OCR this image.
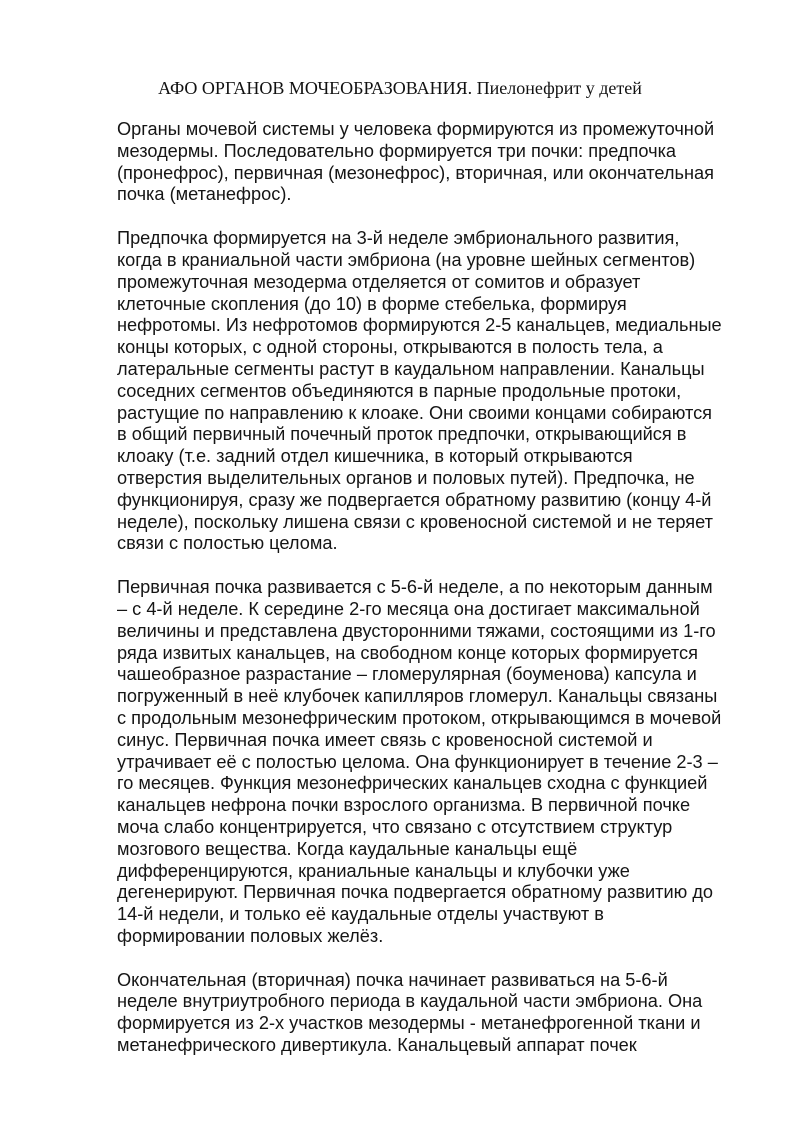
АФО ОРГАНОВ МОЧЕОБРАЗОВАНИЯ. Пиелонефрит у детей

Органы мочевой системы у человека формируются из промежуточной
мезодермы. Последовательно формируется три почки: предпочка
(пронефрос), первичная (мезонефрос), вторичная, или окончательная
почка (метанефрос).

Предпочка формируется на 3-й неделе эмбрионального развития,
когда в краниальной части эмбриона (на уровне шейных сегментов)
промежуточная мезодерма отделяется от сомитов и образует
клеточные скопления (до 10) в форме стебелька, формируя
нефротомы. Из нефротомов формируются 2-5 канальцев, медиальные
концы которых, с одной стороны, открываются в полость тела, а
латеральные сегменты растут в каудальном направлении. Канальцы
соседних сегментов объединяются в парные продольные протоки,
растущие по направлению к клоаке. Они своими концами собираются
в общий первичный почечный проток предпочки, открывающийся в
клоаку (т.е. задний отдел кишечника, в который открываются
отверстия выделительных органов и половых путей). Предпочка, не
функционируя, сразу же подвергается обратному развитию (концу 4-й
неделе), поскольку лишена связи с кровеносной системой и не теряет
связи с полостью целома.

Первичная почка развивается с 5-6-й неделе, а по некоторым данным
– с 4-й неделе. К середине 2-го месяца она достигает максимальной
величины и представлена двусторонними тяжами, состоящими из 1-го
ряда извитых канальцев, на свободном конце которых формируется
чашеобразное разрастание – гломерулярная (боуменова) капсула и
погруженный в неё клубочек капилляров гломерул. Канальцы связаны
с продольным мезонефрическим протоком, открывающимся в мочевой
синус. Первичная почка имеет связь с кровеносной системой и
утрачивает её с полостью целома. Она функционирует в течение 2-3 –
го месяцев. Функция мезонефрических канальцев сходна с функцией
канальцев нефрона почки взрослого организма. В первичной почке
моча слабо концентрируется, что связано с отсутствием структур
мозгового вещества. Когда каудальные канальцы ещё
дифференцируются, краниальные канальцы и клубочки уже
дегенерируют. Первичная почка подвергается обратному развитию до
14-й недели, и только её каудальные отделы участвуют в
формировании половых желёз.

Окончательная (вторичная) почка начинает развиваться на 5-6-й
неделе внутриутробного периода в каудальной части эмбриона. Она
формируется из 2-х участков мезодермы - метанефрогенной ткани и
метанефрического дивертикула. Канальцевый аппарат почек
